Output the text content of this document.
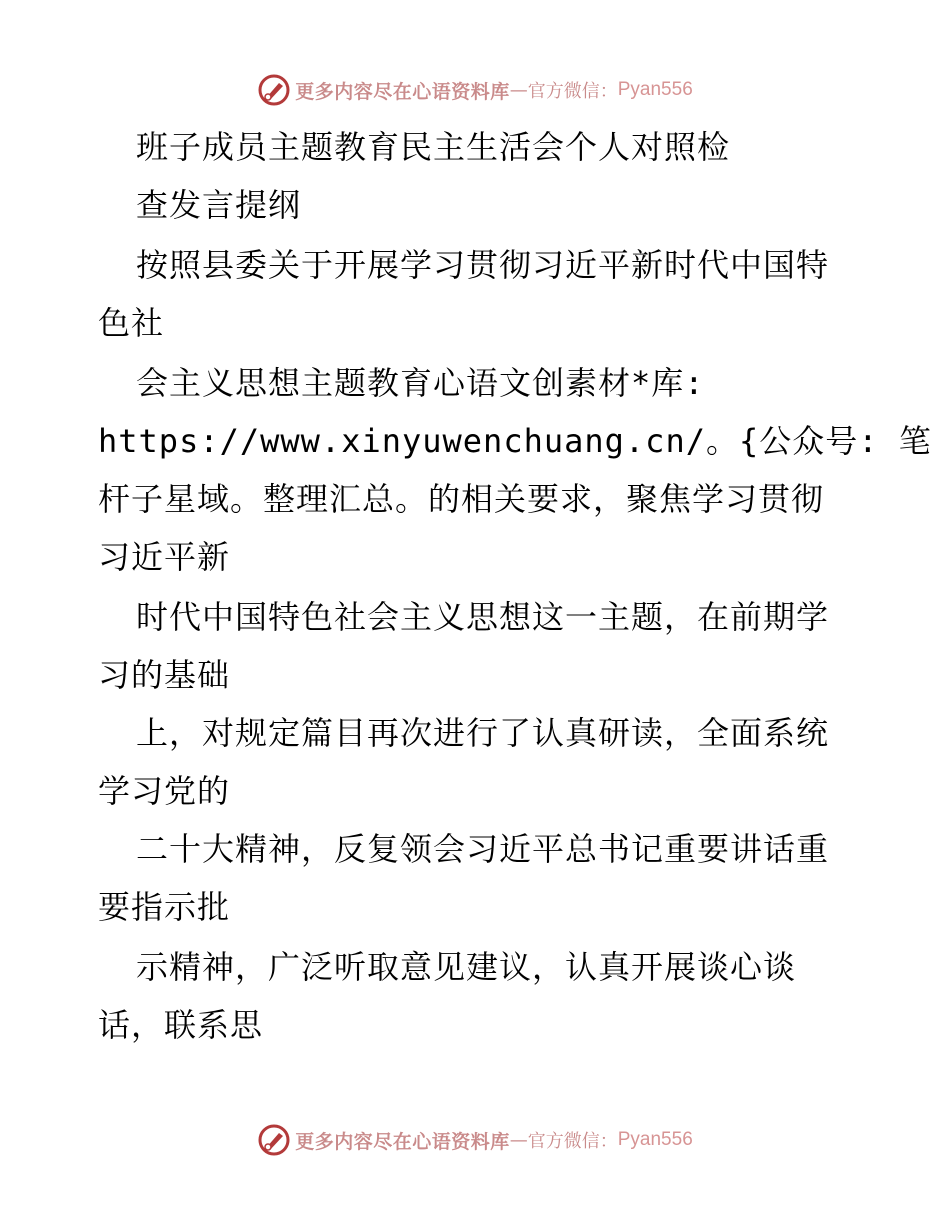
更多内容尽在心语资料库 — 官方微信： Pyan556
班子成员主题教育民主生活会个人对照检
查发言提纲
按照县委关于开展学习贯彻习近平新时代中国特
色社
会主义思想主题教育心语文创素材*库:
https://www.xinyuwenchuang.cn/。{公众号: 笔
杆子星域。整理汇总。的相关要求，聚焦学习贯彻
习近平新
时代中国特色社会主义思想这一主题，在前期学
习的基础
上，对规定篇目再次进行了认真研读，全面系统
学习党的
二十大精神，反复领会习近平总书记重要讲话重
要指示批
示精神，广泛听取意见建议，认真开展谈心谈
话，联系思
更多内容尽在心语资料库 — 官方微信： Pyan556
